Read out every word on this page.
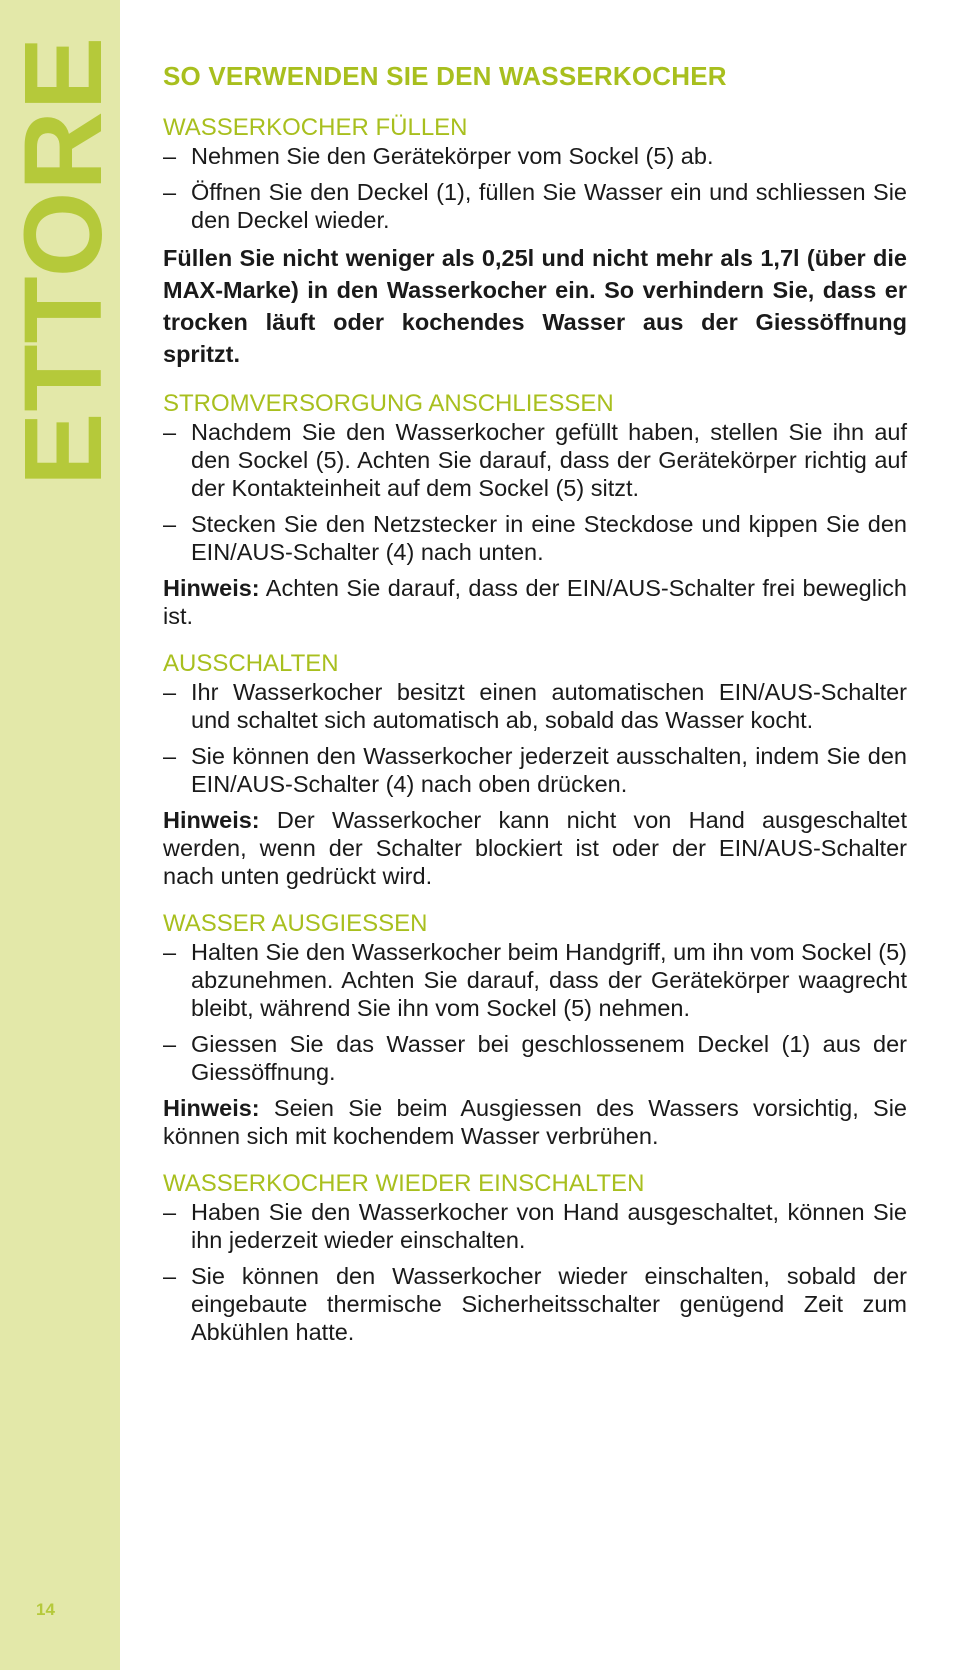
ETTORE
14
SO VERWENDEN SIE DEN WASSERKOCHER
WASSERKOCHER FÜLLEN
– Nehmen Sie den Gerätekörper vom Sockel (5) ab.
– Öffnen Sie den Deckel (1), füllen Sie Wasser ein und schliessen Sie den Deckel wieder.

Füllen Sie nicht weniger als 0,25l und nicht mehr als 1,7l (über die MAX-Marke) in den Wasserkocher ein. So verhindern Sie, dass er trocken läuft oder kochendes Wasser aus der Giessöffnung spritzt.

STROMVERSORGUNG ANSCHLIESSEN
– Nachdem Sie den Wasserkocher gefüllt haben, stellen Sie ihn auf den Sockel (5). Achten Sie darauf, dass der Gerätekörper richtig auf der Kontakteinheit auf dem Sockel (5) sitzt.
– Stecken Sie den Netzstecker in eine Steckdose und kippen Sie den EIN/AUS-Schalter (4) nach unten.

Hinweis: Achten Sie darauf, dass der EIN/AUS-Schalter frei beweglich ist.

AUSSCHALTEN
– Ihr Wasserkocher besitzt einen automatischen EIN/AUS-Schalter und schaltet sich automatisch ab, sobald das Wasser kocht.
– Sie können den Wasserkocher jederzeit ausschalten, indem Sie den EIN/AUS-Schalter (4) nach oben drücken.

Hinweis: Der Wasserkocher kann nicht von Hand ausgeschaltet werden, wenn der Schalter blockiert ist oder der EIN/AUS-Schalter nach unten gedrückt wird.

WASSER AUSGIESSEN
– Halten Sie den Wasserkocher beim Handgriff, um ihn vom Sockel (5) abzunehmen. Achten Sie darauf, dass der Gerätekörper waagrecht bleibt, während Sie ihn vom Sockel (5) nehmen.
– Giessen Sie das Wasser bei geschlossenem Deckel (1) aus der Giessöffnung.

Hinweis: Seien Sie beim Ausgiessen des Wassers vorsichtig, Sie können sich mit kochendem Wasser verbrühen.

WASSERKOCHER WIEDER EINSCHALTEN
– Haben Sie den Wasserkocher von Hand ausgeschaltet, können Sie ihn jederzeit wieder einschalten.
– Sie können den Wasserkocher wieder einschalten, sobald der eingebaute thermische Sicherheitsschalter genügend Zeit zum Abkühlen hatte.
